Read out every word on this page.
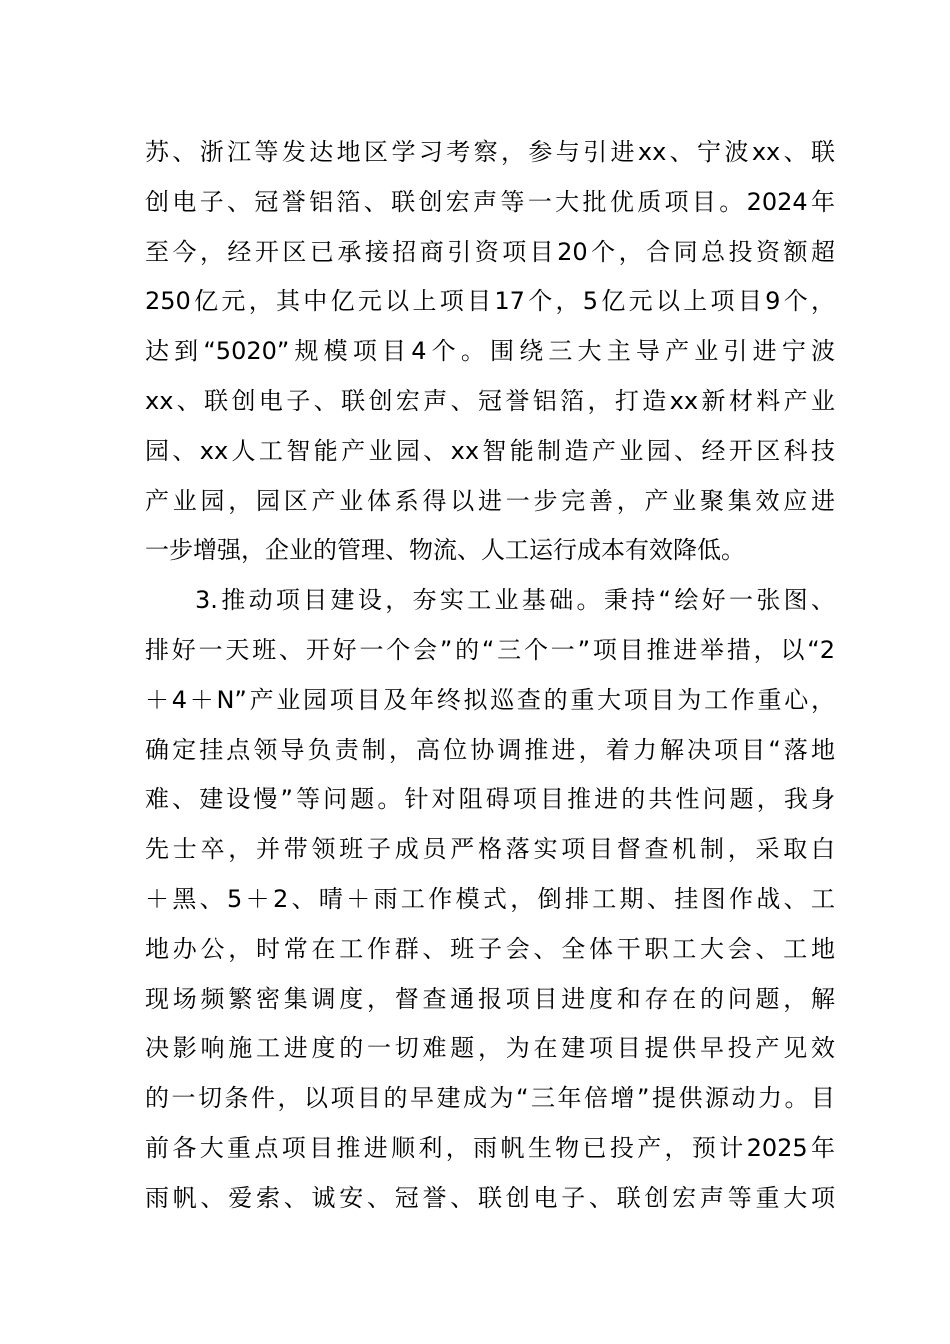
苏、浙江等发达地区学习考察，参与引进xx、宁波xx、联
创电子、冠誉铝箔、联创宏声等一大批优质项目。2024年
至今，经开区已承接招商引资项目20个，合同总投资额超
250亿元，其中亿元以上项目17个，5亿元以上项目9个，
达到“5020”规模项目4个。围绕三大主导产业引进宁波
xx、联创电子、联创宏声、冠誉铝箔，打造xx新材料产业
园、xx人工智能产业园、xx智能制造产业园、经开区科技
产业园，园区产业体系得以进一步完善，产业聚集效应进
一步增强，企业的管理、物流、人工运行成本有效降低。
3.推动项目建设，夯实工业基础。秉持“绘好一张图、
排好一天班、开好一个会”的“三个一”项目推进举措，以“2
＋4＋N”产业园项目及年终拟巡查的重大项目为工作重心，
确定挂点领导负责制，高位协调推进，着力解决项目“落地
难、建设慢”等问题。针对阻碍项目推进的共性问题，我身
先士卒，并带领班子成员严格落实项目督查机制，采取白
＋黑、5＋2、晴＋雨工作模式，倒排工期、挂图作战、工
地办公，时常在工作群、班子会、全体干职工大会、工地
现场频繁密集调度，督查通报项目进度和存在的问题，解
决影响施工进度的一切难题，为在建项目提供早投产见效
的一切条件，以项目的早建成为“三年倍增”提供源动力。目
前各大重点项目推进顺利，雨帆生物已投产，预计2025年
雨帆、爱索、诚安、冠誉、联创电子、联创宏声等重大项
